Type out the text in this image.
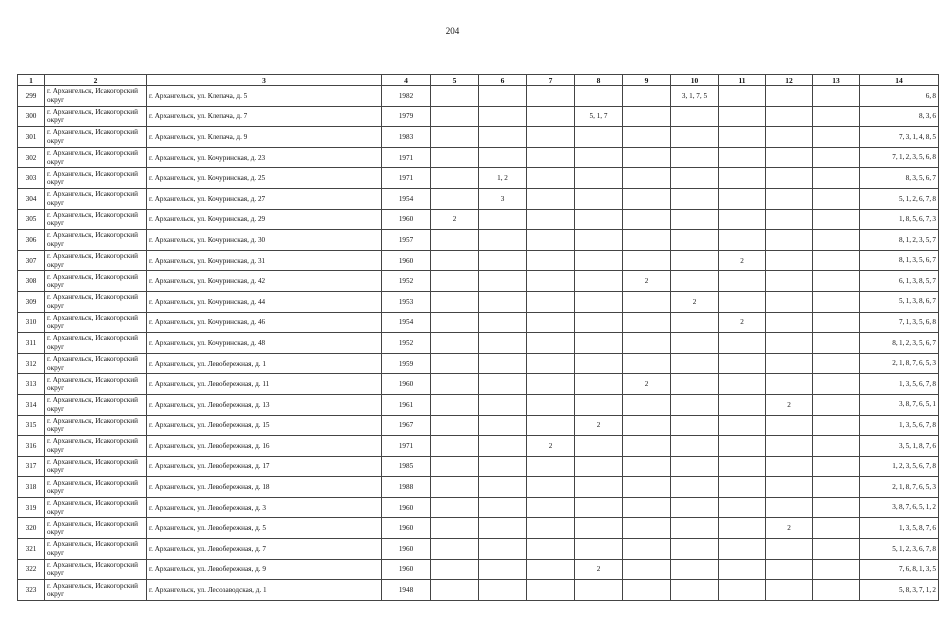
204
1	2	3	4	5	6	7	8	9	10	11	12	13	14
299	г. Архангельск, Исакогорский округ	г. Архангельск, ул. Клепача, д. 5	1982						3, 1, 7, 5				6, 8
300	г. Архангельск, Исакогорский округ	г. Архангельск, ул. Клепача, д. 7	1979				5, 1, 7						8, 3, 6
301	г. Архангельск, Исакогорский округ	г. Архангельск, ул. Клепача, д. 9	1983										7, 3, 1, 4, 8, 5
302	г. Архангельск, Исакогорский округ	г. Архангельск, ул. Кочуринская, д. 23	1971										7, 1, 2, 3, 5, 6, 8
303	г. Архангельск, Исакогорский округ	г. Архангельск, ул. Кочуринская, д. 25	1971		1, 2								8, 3, 5, 6, 7
304	г. Архангельск, Исакогорский округ	г. Архангельск, ул. Кочуринская, д. 27	1954		3								5, 1, 2, 6, 7, 8
305	г. Архангельск, Исакогорский округ	г. Архангельск, ул. Кочуринская, д. 29	1960	2									1, 8, 5, 6, 7, 3
306	г. Архангельск, Исакогорский округ	г. Архангельск, ул. Кочуринская, д. 30	1957										8, 1, 2, 3, 5, 7
307	г. Архангельск, Исакогорский округ	г. Архангельск, ул. Кочуринская, д. 31	1960							2			8, 1, 3, 5, 6, 7
308	г. Архангельск, Исакогорский округ	г. Архангельск, ул. Кочуринская, д. 42	1952					2					6, 1, 3, 8, 5, 7
309	г. Архангельск, Исакогорский округ	г. Архангельск, ул. Кочуринская, д. 44	1953						2				5, 1, 3, 8, 6, 7
310	г. Архангельск, Исакогорский округ	г. Архангельск, ул. Кочуринская, д. 46	1954							2			7, 1, 3, 5, 6, 8
311	г. Архангельск, Исакогорский округ	г. Архангельск, ул. Кочуринская, д. 48	1952										8, 1, 2, 3, 5, 6, 7
312	г. Архангельск, Исакогорский округ	г. Архангельск, ул. Левобережная, д. 1	1959										2, 1, 8, 7, 6, 5, 3
313	г. Архангельск, Исакогорский округ	г. Архангельск, ул. Левобережная, д. 11	1960					2					1, 3, 5, 6, 7, 8
314	г. Архангельск, Исакогорский округ	г. Архангельск, ул. Левобережная, д. 13	1961								2		3, 8, 7, 6, 5, 1
315	г. Архангельск, Исакогорский округ	г. Архангельск, ул. Левобережная, д. 15	1967				2						1, 3, 5, 6, 7, 8
316	г. Архангельск, Исакогорский округ	г. Архангельск, ул. Левобережная, д. 16	1971			2							3, 5, 1, 8, 7, 6
317	г. Архангельск, Исакогорский округ	г. Архангельск, ул. Левобережная, д. 17	1985										1, 2, 3, 5, 6, 7, 8
318	г. Архангельск, Исакогорский округ	г. Архангельск, ул. Левобережная, д. 18	1988										2, 1, 8, 7, 6, 5, 3
319	г. Архангельск, Исакогорский округ	г. Архангельск, ул. Левобережная, д. 3	1960										3, 8, 7, 6, 5, 1, 2
320	г. Архангельск, Исакогорский округ	г. Архангельск, ул. Левобережная, д. 5	1960								2		1, 3, 5, 8, 7, 6
321	г. Архангельск, Исакогорский округ	г. Архангельск, ул. Левобережная, д. 7	1960										5, 1, 2, 3, 6, 7, 8
322	г. Архангельск, Исакогорский округ	г. Архангельск, ул. Левобережная, д. 9	1960				2						7, 6, 8, 1, 3, 5
323	г. Архангельск, Исакогорский округ	г. Архангельск, ул. Лесозаводская, д. 1	1948										5, 8, 3, 7, 1, 2
